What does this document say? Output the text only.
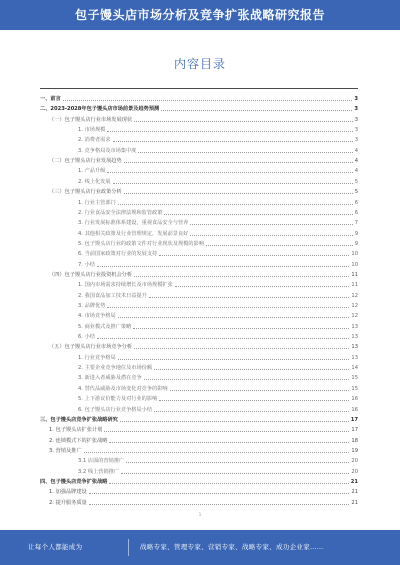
包子馒头店市场分析及竞争扩张战略研究报告
内容目录
一、前言	3
二、2023-2028年包子馒头店市场前景及趋势预测	3
（一）包子馒头店行业市场发展现状	3
1. 市场规模	3
2. 消费者需求	3
3. 竞争格局及市场集中度	4
（二）包子馒头店行业发展趋势	4
1. 产品升级	4
2. 线上化发展	5
（三）包子馒头店行业政策分析	5
1. 行业主管部门	6
2. 行业食品安全法律法规和监管政策	6
3. 行业发展标准体系建设，重视食品安全与营养	7
4. 其他相关政策及行业管理规定，发展前景良好	9
5. 包子馒头店行业的政策文件对行业现状及规模的影响	9
6. 当前国家政策对行业的发展支持	10
7. 小结	10
（四）包子馒头店行业投资机会分析	11
1. 国内市场需求持续增长及市场规模扩张	11
2. 我国食品加工技术日益提升	12
3. 品牌优势	12
4. 市场竞争格局	12
5. 商业模式及推广策略	13
6. 小结	13
（五）包子馒头店行业市场竞争分析	13
1. 行业竞争格局	13
2. 主要企业竞争地位及市场份额	14
3. 新进入者威胁及潜在竞争	15
4. 替代品威胁及市场变化对竞争的影响	15
5. 上下游议价能力及对行业的影响	16
6. 包子馒头店行业竞争格局小结	16
三、包子馒头店竞争扩张战略研究	17
1. 包子馒头店扩张计划	17
2. 连锁模式下的扩张战略	18
3. 营销及推广	19
3.1 店面的营销推广	20
3.2 线上营销推广	20
四、包子馒头店竞争扩张战略	21
1. 加强品牌建设	21
2. 提升服务质量	21
1
让每个人都能成为	战略专家、管理专家、营销专家、战略专家、成功企业家……
